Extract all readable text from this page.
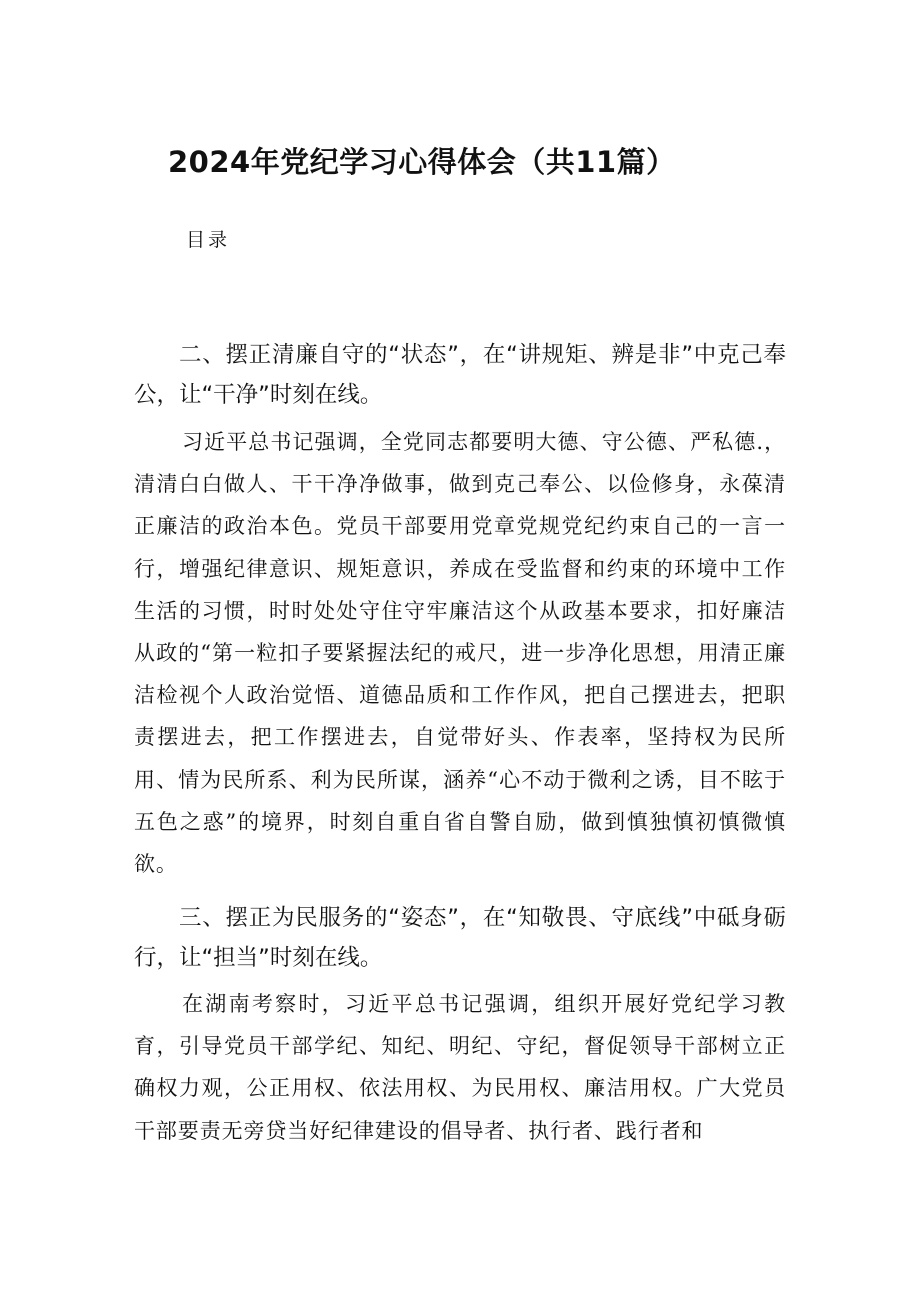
2024年党纪学习心得体会（共11篇）
目录

二、摆正清廉自守的“状态”，在“讲规矩、辨是非”中克己奉公，让“干净”时刻在线。

习近平总书记强调，全党同志都要明大德、守公德、严私德.，清清白白做人、干干净净做事，做到克己奉公、以俭修身，永葆清正廉洁的政治本色。党员干部要用党章党规党纪约束自己的一言一行，增强纪律意识、规矩意识，养成在受监督和约束的环境中工作生活的习惯，时时处处守住守牢廉洁这个从政基本要求，扣好廉洁从政的“第一粒扣子要紧握法纪的戒尺，进一步净化思想，用清正廉洁检视个人政治觉悟、道德品质和工作作风，把自己摆进去，把职责摆进去，把工作摆进去，自觉带好头、作表率，坚持权为民所用、情为民所系、利为民所谋，涵养“心不动于微利之诱，目不眩于五色之惑”的境界，时刻自重自省自警自励，做到慎独慎初慎微慎欲。

三、摆正为民服务的“姿态”，在“知敬畏、守底线”中砥身砺行，让“担当”时刻在线。

在湖南考察时，习近平总书记强调，组织开展好党纪学习教育，引导党员干部学纪、知纪、明纪、守纪，督促领导干部树立正确权力观，公正用权、依法用权、为民用权、廉洁用权。广大党员干部要责无旁贷当好纪律建设的倡导者、执行者、践行者和
